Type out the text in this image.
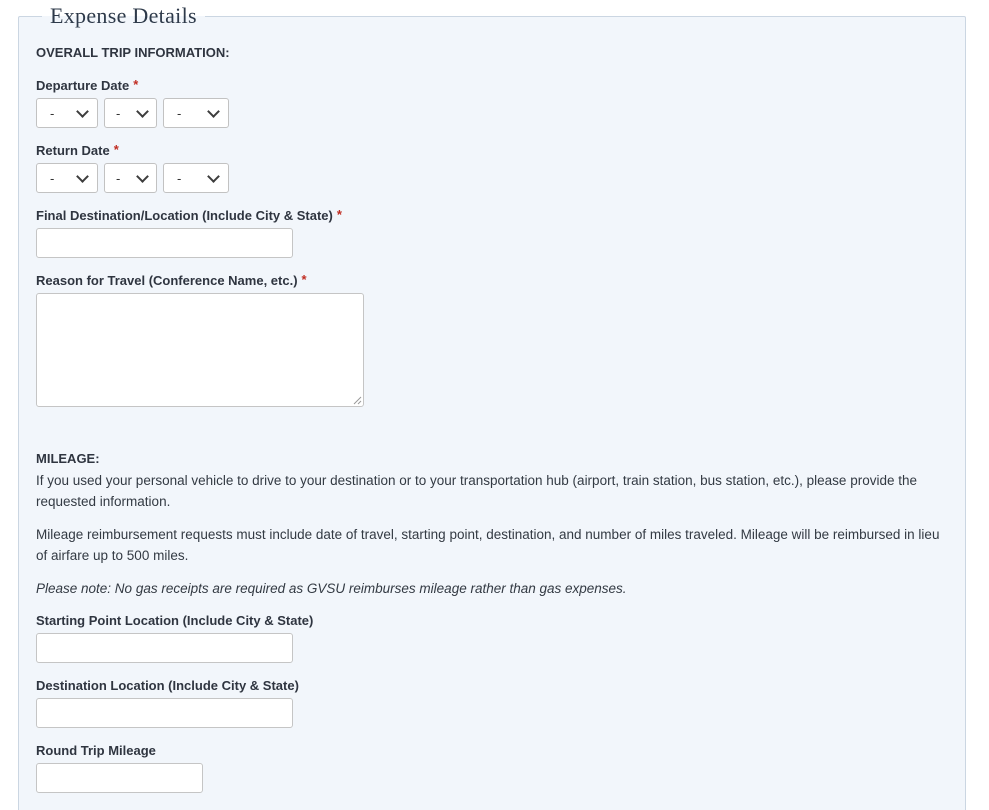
Expense Details
OVERALL TRIP INFORMATION:
Departure Date *
-	-	-
Return Date *
-	-	-
Final Destination/Location (Include City & State) *
Reason for Travel (Conference Name, etc.) *
MILEAGE:

If you used your personal vehicle to drive to your destination or to your transportation hub (airport, train station, bus station, etc.), please provide the requested information.

Mileage reimbursement requests must include date of travel, starting point, destination, and number of miles traveled. Mileage will be reimbursed in lieu of airfare up to 500 miles.

Please note: No gas receipts are required as GVSU reimburses mileage rather than gas expenses.

Starting Point Location (Include City & State)
Destination Location (Include City & State)
Round Trip Mileage
